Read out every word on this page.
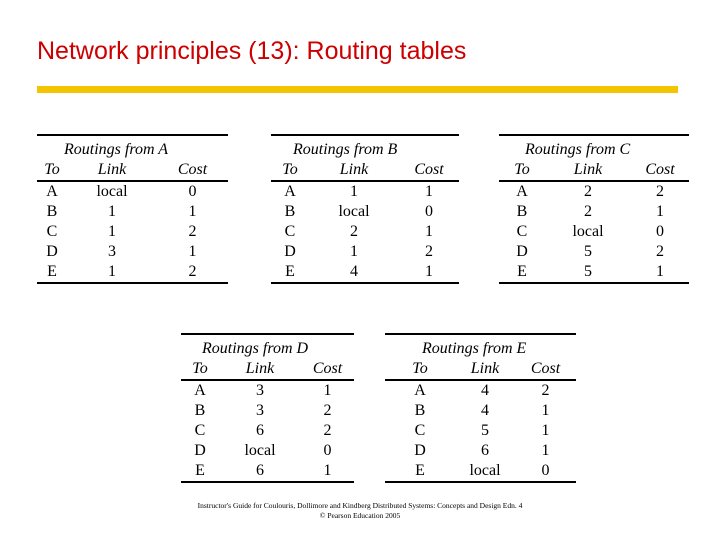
Network principles (13): Routing tables
Routings from A
To	Link	Cost
A	local	0
B	1	1
C	1	2
D	3	1
E	1	2
Routings from B
To	Link	Cost
A	1	1
B	local	0
C	2	1
D	1	2
E	4	1
Routings from C
To	Link	Cost
A	2	2
B	2	1
C	local	0
D	5	2
E	5	1
Routings from D
To	Link	Cost
A	3	1
B	3	2
C	6	2
D	local	0
E	6	1
Routings from E
To	Link	Cost
A	4	2
B	4	1
C	5	1
D	6	1
E	local	0
Instructor's Guide for Coulouris, Dollimore and Kindberg Distributed Systems: Concepts and Design Edn. 4
© Pearson Education 2005
